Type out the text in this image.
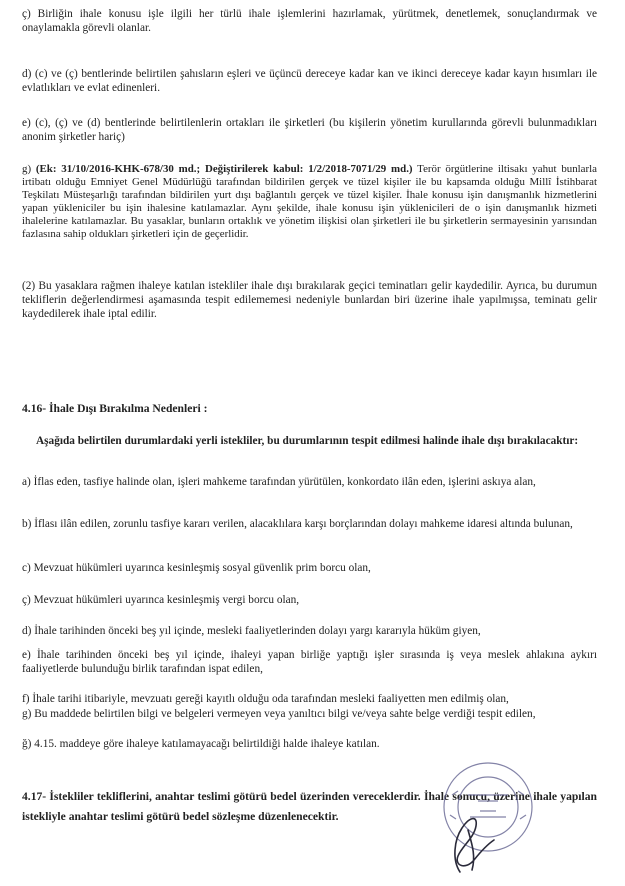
ç) Birliğin ihale konusu işle ilgili her türlü ihale işlemlerini hazırlamak, yürütmek, denetlemek, sonuçlandırmak ve onaylamakla görevli olanlar.

d) (c) ve (ç) bentlerinde belirtilen şahısların eşleri ve üçüncü dereceye kadar kan ve ikinci dereceye kadar kayın hısımları ile evlatlıkları ve evlat edinenleri.

e) (c), (ç) ve (d) bentlerinde belirtilenlerin ortakları ile şirketleri (bu kişilerin yönetim kurullarında görevli bulunmadıkları anonim şirketler hariç)

g) (Ek: 31/10/2016-KHK-678/30 md.; Değiştirilerek kabul: 1/2/2018-7071/29 md.) Terör örgütlerine iltisakı yahut bunlarla irtibatı olduğu Emniyet Genel Müdürlüğü tarafından bildirilen gerçek ve tüzel kişiler ile bu kapsamda olduğu Millî İstihbarat Teşkilatı Müsteşarlığı tarafından bildirilen yurt dışı bağlantılı gerçek ve tüzel kişiler. İhale konusu işin danışmanlık hizmetlerini yapan yükleniciler bu işin ihalesine katılamazlar. Aynı şekilde, ihale konusu işin yüklenicileri de o işin danışmanlık hizmeti ihalelerine katılamazlar. Bu yasaklar, bunların ortaklık ve yönetim ilişkisi olan şirketleri ile bu şirketlerin sermayesinin yarısından fazlasına sahip oldukları şirketleri için de geçerlidir.

(2) Bu yasaklara rağmen ihaleye katılan istekliler ihale dışı bırakılarak geçici teminatları gelir kaydedilir. Ayrıca, bu durumun tekliflerin değerlendirmesi aşamasında tespit edilememesi nedeniyle bunlardan biri üzerine ihale yapılmışsa, teminatı gelir kaydedilerek ihale iptal edilir.

4.16- İhale Dışı Bırakılma Nedenleri :

Aşağıda belirtilen durumlardaki yerli istekliler, bu durumlarının tespit edilmesi halinde ihale dışı bırakılacaktır:

a) İflas eden, tasfiye halinde olan, işleri mahkeme tarafından yürütülen, konkordato ilân eden, işlerini askıya alan,

b) İflası ilân edilen, zorunlu tasfiye kararı verilen, alacaklılara karşı borçlarından dolayı mahkeme idaresi altında bulunan,

c) Mevzuat hükümleri uyarınca kesinleşmiş sosyal güvenlik prim borcu olan,

ç) Mevzuat hükümleri uyarınca kesinleşmiş vergi borcu olan,

d) İhale tarihinden önceki beş yıl içinde, mesleki faaliyetlerinden dolayı yargı kararıyla hüküm giyen,

e) İhale tarihinden önceki beş yıl içinde, ihaleyi yapan birliğe yaptığı işler sırasında iş veya meslek ahlakına aykırı faaliyetlerde bulunduğu birlik tarafından ispat edilen,

f) İhale tarihi itibariyle, mevzuatı gereği kayıtlı olduğu oda tarafından mesleki faaliyetten men edilmiş olan,

g) Bu maddede belirtilen bilgi ve belgeleri vermeyen veya yanıltıcı bilgi ve/veya sahte belge verdiği tespit edilen,

ğ) 4.15. maddeye göre ihaleye katılamayacağı belirtildiği halde ihaleye katılan.

4.17- İstekliler tekliflerini, anahtar teslimi götürü bedel üzerinden vereceklerdir. İhale sonucu, üzerine ihale yapılan istekliyle anahtar teslimi götürü bedel sözleşme düzenlenecektir.
